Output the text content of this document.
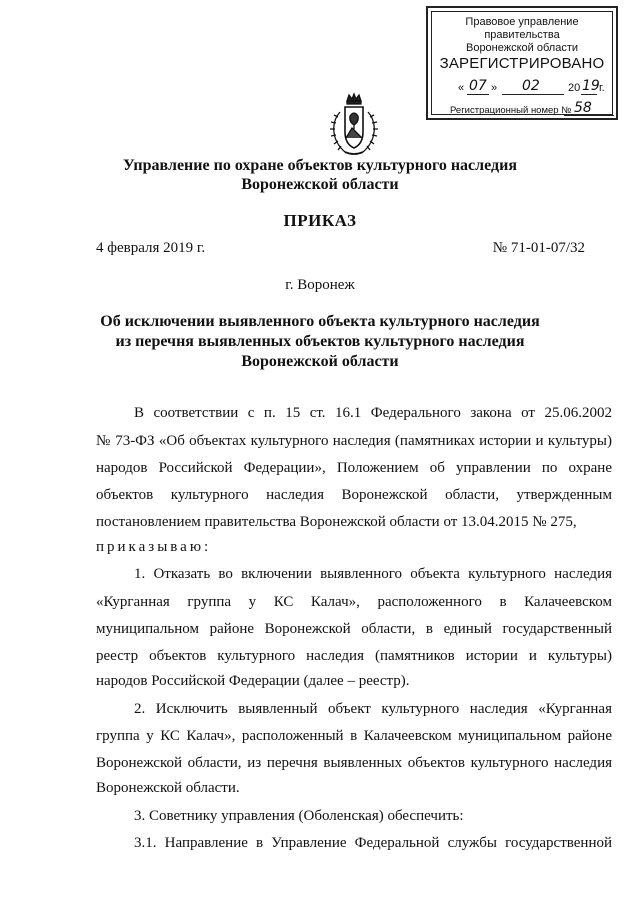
Правовое управление правительства
Воронежской области
ЗАРЕГИСТРИРОВАНО
« 07 » 02	20 19 г.
Регистрационный номер № 58
Управление по охране объектов культурного наследия
Воронежской области
ПРИКАЗ
4 февраля 2019 г.	№ 71-01-07/32
г. Воронеж
Об исключении выявленного объекта культурного наследия
из перечня выявленных объектов культурного наследия
Воронежской области
В соответствии с п. 15 ст. 16.1 Федерального закона от 25.06.2002
№ 73-ФЗ «Об объектах культурного наследия (памятниках истории и культуры)
народов Российской Федерации», Положением об управлении по охране
объектов культурного наследия Воронежской области, утвержденным
постановлением правительства Воронежской области от 13.04.2015 № 275,
приказываю:
1. Отказать во включении выявленного объекта культурного наследия
«Курганная группа у КС Калач», расположенного в Калачеевском
муниципальном районе Воронежской области, в единый государственный
реестр объектов культурного наследия (памятников истории и культуры)
народов Российской Федерации (далее – реестр).
2. Исключить выявленный объект культурного наследия «Курганная
группа у КС Калач», расположенный в Калачеевском муниципальном районе
Воронежской области, из перечня выявленных объектов культурного наследия
Воронежской области.
3. Советнику управления (Оболенская) обеспечить:
3.1. Направление в Управление Федеральной службы государственной
